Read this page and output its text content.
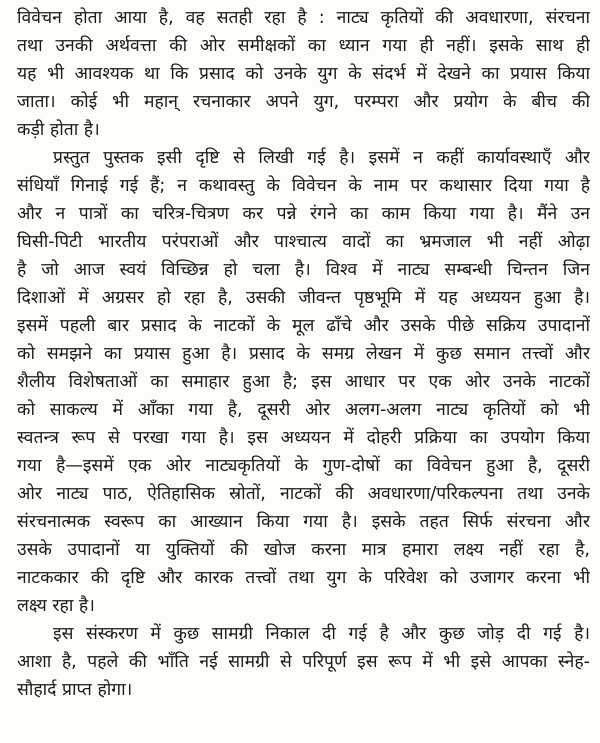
विवेचन होता आया है, वह सतही रहा है : नाट्य कृतियों की अवधारणा, संरचना
तथा उनकी अर्थवत्ता की ओर समीक्षकों का ध्यान गया ही नहीं। इसके साथ ही
यह भी आवश्यक था कि प्रसाद को उनके युग के संदर्भ में देखने का प्रयास किया
जाता। कोई भी महान् रचनाकार अपने युग, परम्परा और प्रयोग के बीच की
कड़ी होता है।
प्रस्तुत पुस्तक इसी दृष्टि से लिखी गई है। इसमें न कहीं कार्यावस्थाएँ और
संधियाँ गिनाई गई हैं; न कथावस्तु के विवेचन के नाम पर कथासार दिया गया है
और न पात्रों का चरित्र-चित्रण कर पन्ने रंगने का काम किया गया है। मैंने उन
घिसी-पिटी भारतीय परंपराओं और पाश्चात्य वादों का भ्रमजाल भी नहीं ओढ़ा
है जो आज स्वयं विच्छिन्न हो चला है। विश्व में नाट्य सम्बन्धी चिन्तन जिन
दिशाओं में अग्रसर हो रहा है, उसकी जीवन्त पृष्ठभूमि में यह अध्ययन हुआ है।
इसमें पहली बार प्रसाद के नाटकों के मूल ढाँचे और उसके पीछे सक्रिय उपादानों
को समझने का प्रयास हुआ है। प्रसाद के समग्र लेखन में कुछ समान तत्त्वों और
शैलीय विशेषताओं का समाहार हुआ है; इस आधार पर एक ओर उनके नाटकों
को साकल्य में आँका गया है, दूसरी ओर अलग-अलग नाट्य कृतियों को भी
स्वतन्त्र रूप से परखा गया है। इस अध्ययन में दोहरी प्रक्रिया का उपयोग किया
गया है—इसमें एक ओर नाट्यकृतियों के गुण-दोषों का विवेचन हुआ है, दूसरी
ओर नाट्य पाठ, ऐतिहासिक स्रोतों, नाटकों की अवधारणा/परिकल्पना तथा उनके
संरचनात्मक स्वरूप का आख्यान किया गया है। इसके तहत सिर्फ संरचना और
उसके उपादानों या युक्तियों की खोज करना मात्र हमारा लक्ष्य नहीं रहा है,
नाटककार की दृष्टि और कारक तत्त्वों तथा युग के परिवेश को उजागर करना भी
लक्ष्य रहा है।
इस संस्करण में कुछ सामग्री निकाल दी गई है और कुछ जोड़ दी गई है।
आशा है, पहले की भाँति नई सामग्री से परिपूर्ण इस रूप में भी इसे आपका स्नेह-
सौहार्द प्राप्त होगा।
